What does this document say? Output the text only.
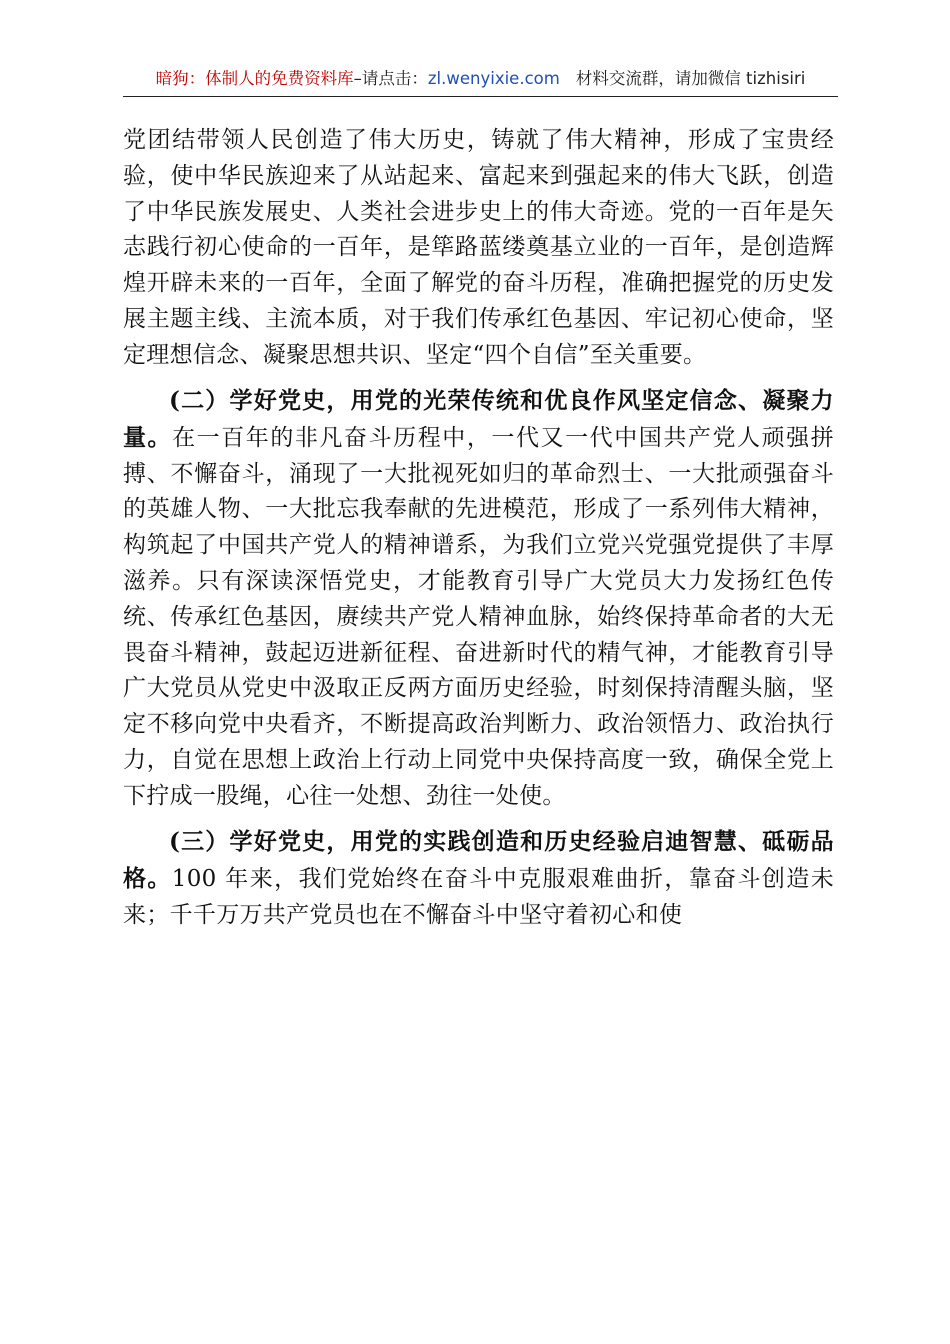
暗狗：体制人的免费资料库–请点击：zl.wenyixie.com 材料交流群，请加微信 tizhisiri

党团结带领人民创造了伟大历史，铸就了伟大精神，形成了宝贵经验，使中华民族迎来了从站起来、富起来到强起来的伟大飞跃，创造了中华民族发展史、人类社会进步史上的伟大奇迹。党的一百年是矢志践行初心使命的一百年，是筚路蓝缕奠基立业的一百年，是创造辉煌开辟未来的一百年，全面了解党的奋斗历程，准确把握党的历史发展主题主线、主流本质，对于我们传承红色基因、牢记初心使命，坚定理想信念、凝聚思想共识、坚定“四个自信”至关重要。

(二）学好党史，用党的光荣传统和优良作风坚定信念、凝聚力量。在一百年的非凡奋斗历程中，一代又一代中国共产党人顽强拼搏、不懈奋斗，涌现了一大批视死如归的革命烈士、一大批顽强奋斗的英雄人物、一大批忘我奉献的先进模范，形成了一系列伟大精神，构筑起了中国共产党人的精神谱系，为我们立党兴党强党提供了丰厚滋养。只有深读深悟党史，才能教育引导广大党员大力发扬红色传统、传承红色基因，赓续共产党人精神血脉，始终保持革命者的大无畏奋斗精神，鼓起迈进新征程、奋进新时代的精气神，才能教育引导广大党员从党史中汲取正反两方面历史经验，时刻保持清醒头脑，坚定不移向党中央看齐，不断提高政治判断力、政治领悟力、政治执行力，自觉在思想上政治上行动上同党中央保持高度一致，确保全党上下拧成一股绳，心往一处想、劲往一处使。

(三）学好党史，用党的实践创造和历史经验启迪智慧、砥砺品格。100 年来，我们党始终在奋斗中克服艰难曲折，靠奋斗创造未来；千千万万共产党员也在不懈奋斗中坚守着初心和使
